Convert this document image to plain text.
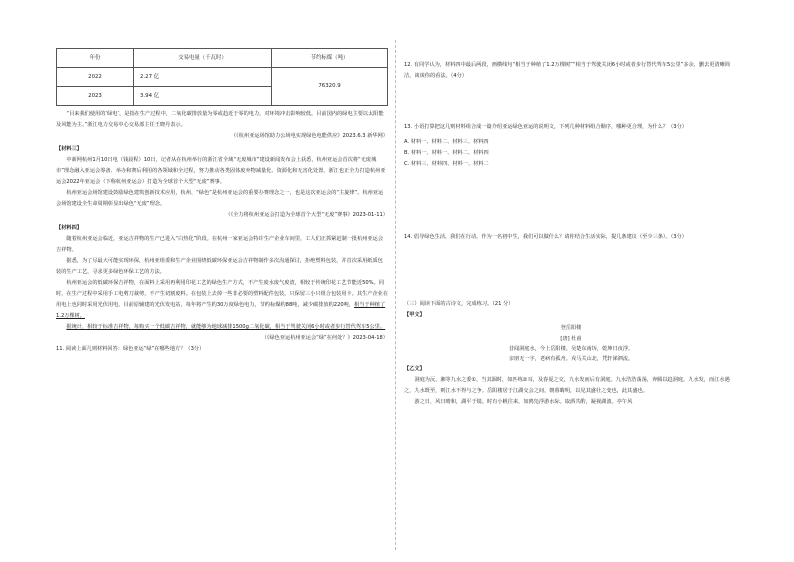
年份	交易电量（千瓦时）	节约标煤（吨）
2022	2.27 亿	76320.9
2023	3.94 亿	

“目来我们使用的‘绿电’，是指在生产过程中，二氧化碳排放量为零或趋近于零的电力，对环境冲击影响较低。目前国内的绿电主要以太阳能及风能为主。”浙江电力交易中心交易部主任王晓丹表示。

（《杭州亚运场馆助力公场电实现绿色电能供应》2023.6.3 新华网）

【材料三】

中新网杭州1月10日电（钱晨程）10日，记者从在杭州举行的浙江省全域“无废城市”建设新闻发布会上获悉，杭州亚运会首次将“无废城市”理念融入亚运会筹备、举办和赛后利用的各领域和全过程，努力推动各类固体废弃物减量化、资源化和无害化处置，浙江也正全力打造杭州亚运会2022年亚运会（下称杭州亚运会）打造为全球首个大型“无废”赛事。

杭州亚运会场馆建设鼓励绿色建筑创新技术应用，杭州、“绿色”是杭州亚运会的重要办赛理念之一，也是这次亚运会的“主旋律”。杭州亚运会场馆建设全生命周期彰显出绿色“无废”理念。

（《全力将杭州亚运会打造为全球首个大型“无废”赛事》2023-01-11）

【材料四】

随着杭州亚运会临近，亚运吉祥物的生产已进入“白热化”阶段。在杭州一家亚运会特许生产企业车间里，工人们正抓紧赶制一批杭州亚运会吉祥物。

据悉，为了尽最大可能实现环保，杭州亚组委和生产企业围绕低碳环保亚运会吉祥物制作多次沟通探讨，拒绝塑料包装，并首次采用纸质包装的生产工艺，寻求更多绿色环保工艺的方法。

杭州亚运会的低碳环保吉祥物，在面料上采用再利用印花工艺的绿色生产方式，不产生废水废气废渣，相较于传统印花工艺节能近50%。同时，在生产过程中采用手工电剪刀裁剪，不产生切割废料。在包装上去掉一些非必要的塑料配件包装，只保留三小只组合包装用卡。其生产企业在用电上也同时采用光伏用电，目前原辅建的光伏发电站，每年将产生约30万度绿色电力，节约标煤约88吨，减少碳排放约220吨，相当于种植了1.2万棵树。

据统计，相较于标准吉祥物，每购买一个低碳吉祥物，就能够为地球减排1500g二氧化碳，相当于驾驶关闭6小时或者步行替代驾车5公里。

（《绿色亚运杭州亚运会“绿”在何处？》2023-04-18）

11. 阅读上面几则材料回答：绿色亚运“绿”在哪些地方？（3分）

12. 有同学认为，材料四中最后两段，画横线句“相当于种植了1.2万棵树”“相当于驾驶关闭6小时或者步行替代驾车5公里”多余，删去更清晰简洁，谈谈你的看法。（4分）

13. 小语打算把这几则材料组合成一篇介绍亚运绿色亚运的说明文，下列几种材料组合顺序，哪种更合理，为什么？（3分）

A. 材料一、材料二、材料三、材料四

B. 材料一、材料一、材料二、材料四

C. 材料三、材料四、材料一、材料二

14. 倡导绿色生活，我们在行动。作为一名初中生，我们可以做什么？请你结合生活实际，提几条建议（至少三条）。（3分）

（三）阅读下面的古诗文，完成练习。（21 分）

【甲文】

登岳阳楼

[唐] 杜甫

昔闻洞庭水，今上岳阳楼。吴楚东南坼，乾坤日夜浮。

亲朋无一字，老病有孤舟。戎马关山北，凭轩涕泗流。

【乙文】

洞庭为沅、湘等九水之委①，当其涸时，如匹练②耳，及春夏之交，九水发而后有洞庭。九水浩浩荡荡，奔腾以趋洞庭。九水发，而江水遇之，九水既至，则江水不得与之争。岳阳楼居于江湖交会之间，朝暮晦明，以见其盛壮之变也，此其盛也。

游之日，风日晴和，湖平于镜。时有小帆往来，如鸥凫浮游水际。取酒共酌，凝视湖波。亭午风
